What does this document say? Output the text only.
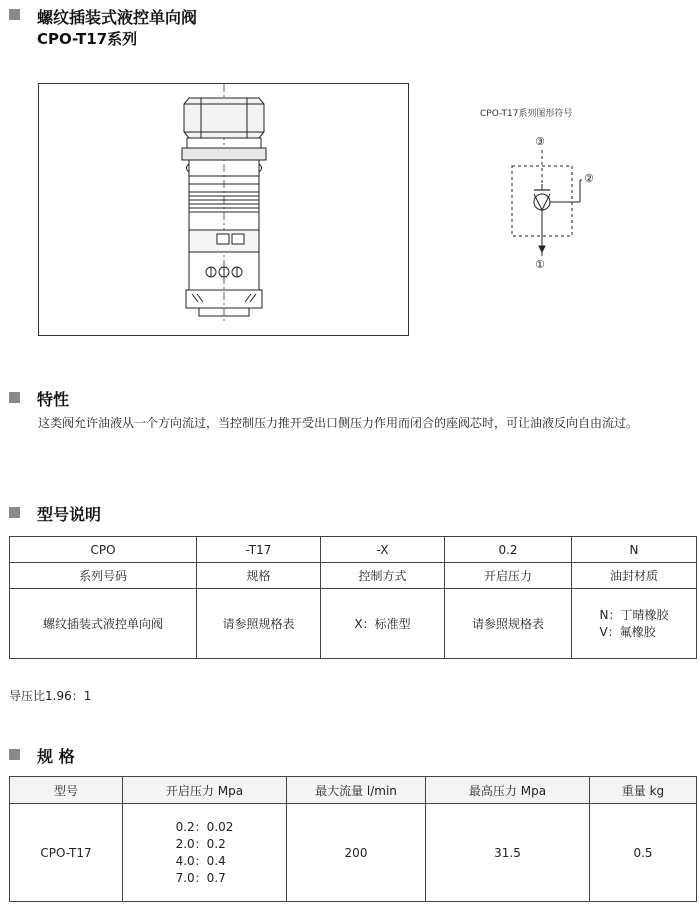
螺纹插装式液控单向阀
CPO-T17系列
CPO-T17系列图形符号
③
②
①
特性
这类阀允许油液从一个方向流过，当控制压力推开受出口侧压力作用而闭合的座阀芯时，可让油液反向自由流过。
型号说明
CPO	-T17	-X	0.2	N
系列号码	规格	控制方式	开启压力	油封材质
螺纹插装式液控单向阀	请参照规格表	X：标准型	请参照规格表	N：丁晴橡胶
V：氟橡胶
导压比1.96：1
规 格
型号	开启压力 Mpa	最大流量 l/min	最高压力 Mpa	重量 kg
CPO-T17	0.2：0.02
2.0：0.2
4.0：0.4
7.0：0.7	200	31.5	0.5
